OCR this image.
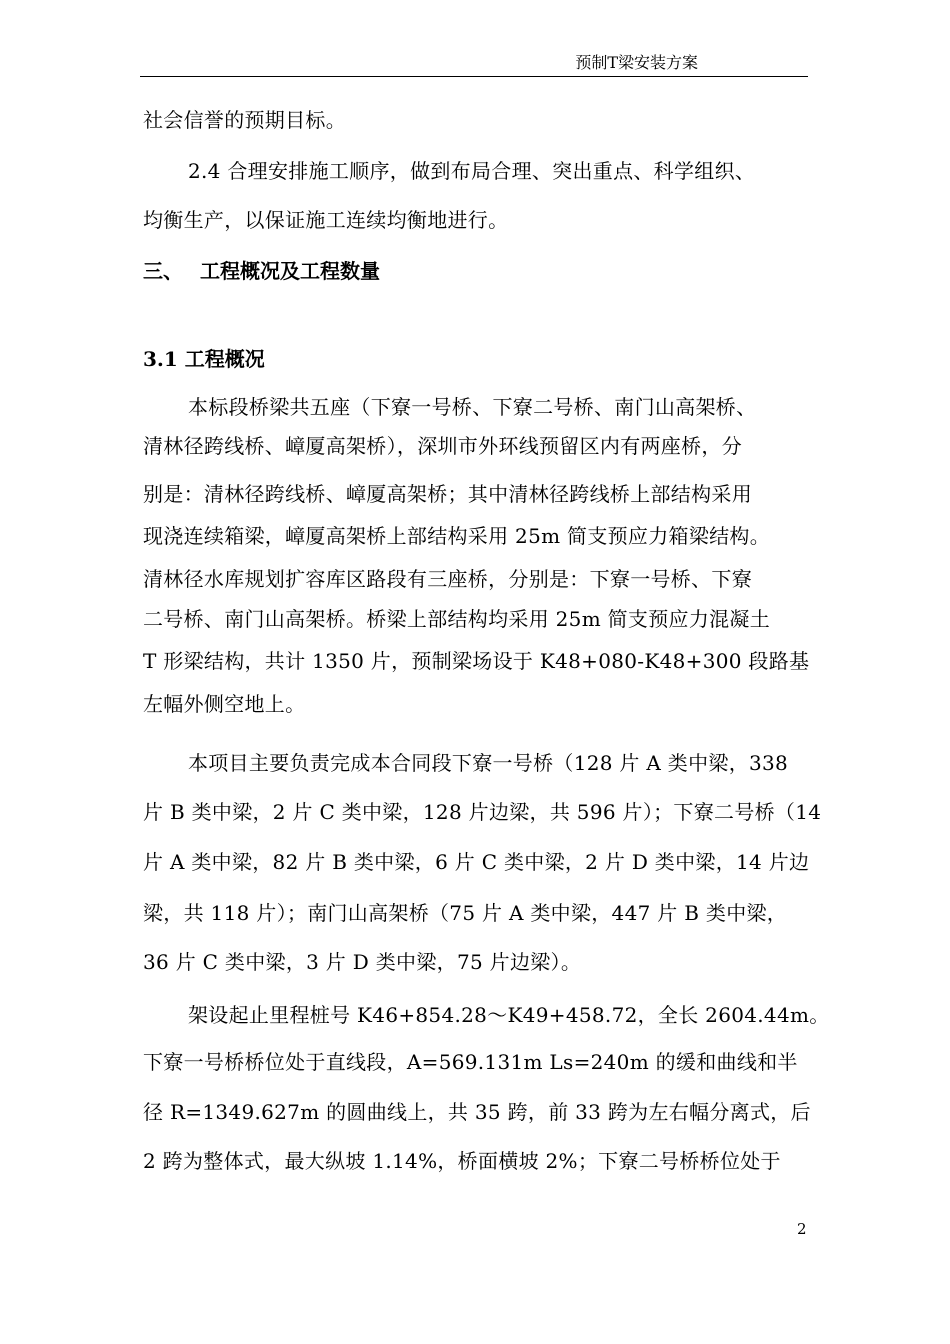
预制T梁安装方案
社会信誉的预期目标。
2.4 合理安排施工顺序，做到布局合理、突出重点、科学组织、
均衡生产，以保证施工连续均衡地进行。
三、 工程概况及工程数量
3.1 工程概况
本标段桥梁共五座（下寮一号桥、下寮二号桥、南门山高架桥、
清林径跨线桥、嶂厦高架桥），深圳市外环线预留区内有两座桥，分
别是：清林径跨线桥、嶂厦高架桥；其中清林径跨线桥上部结构采用
现浇连续箱梁，嶂厦高架桥上部结构采用 25m 简支预应力箱梁结构。
清林径水库规划扩容库区路段有三座桥，分别是：下寮一号桥、下寮
二号桥、南门山高架桥。桥梁上部结构均采用 25m 简支预应力混凝土
T 形梁结构，共计 1350 片，预制梁场设于 K48+080-K48+300 段路基
左幅外侧空地上。
本项目主要负责完成本合同段下寮一号桥（128 片 A 类中梁，338
片 B 类中梁，2 片 C 类中梁，128 片边梁，共 596 片）；下寮二号桥（14
片 A 类中梁，82 片 B 类中梁，6 片 C 类中梁，2 片 D 类中梁，14 片边
梁，共 118 片）；南门山高架桥（75 片 A 类中梁，447 片 B 类中梁，
36 片 C 类中梁，3 片 D 类中梁，75 片边梁）。
架设起止里程桩号 K46+854.28～K49+458.72，全长 2604.44m。
下寮一号桥桥位处于直线段，A=569.131m Ls=240m 的缓和曲线和半
径 R=1349.627m 的圆曲线上，共 35 跨，前 33 跨为左右幅分离式，后
2 跨为整体式，最大纵坡 1.14%，桥面横坡 2%；下寮二号桥桥位处于
2
